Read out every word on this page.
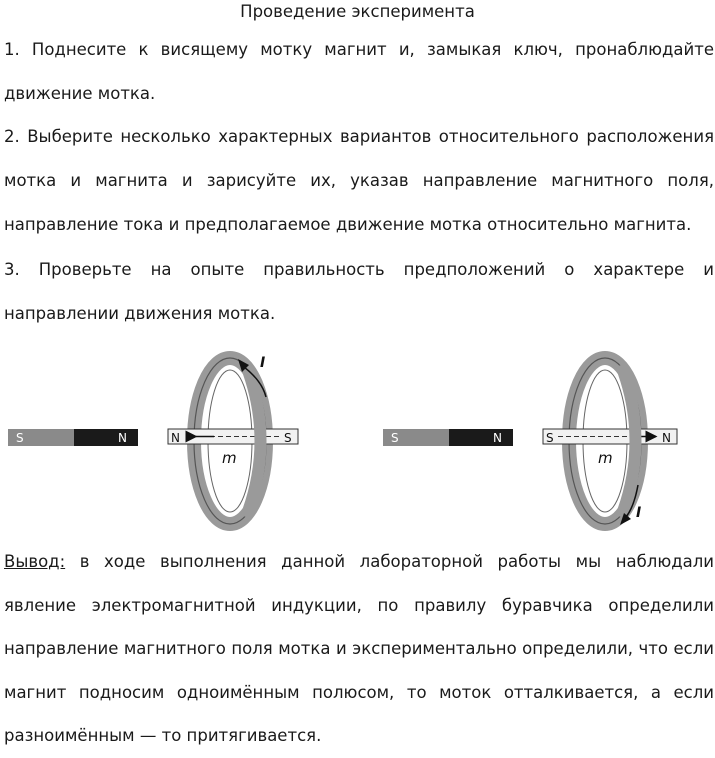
Проведение эксперимента
1. Поднесите к висящему мотку магнит и, замыкая ключ, пронаблюдайте движение мотка.
2. Выберите несколько характерных вариантов относительного расположения мотка и магнита и зарисуйте их, указав направление магнитного поля, направление тока и предполагаемое движение мотка относительно магнита.
3. Проверьте на опыте правильность предположений о характере и направлении движения мотка.
S	N	N	S
m
I
S	N	S	N
m
I
Вывод: в ходе выполнения данной лабораторной работы мы наблюдали явление электромагнитной индукции, по правилу буравчика определили направление магнитного поля мотка и экспериментально определили, что если магнит подносим одноимённым полюсом, то моток отталкивается, а если разноимённым — то притягивается.
